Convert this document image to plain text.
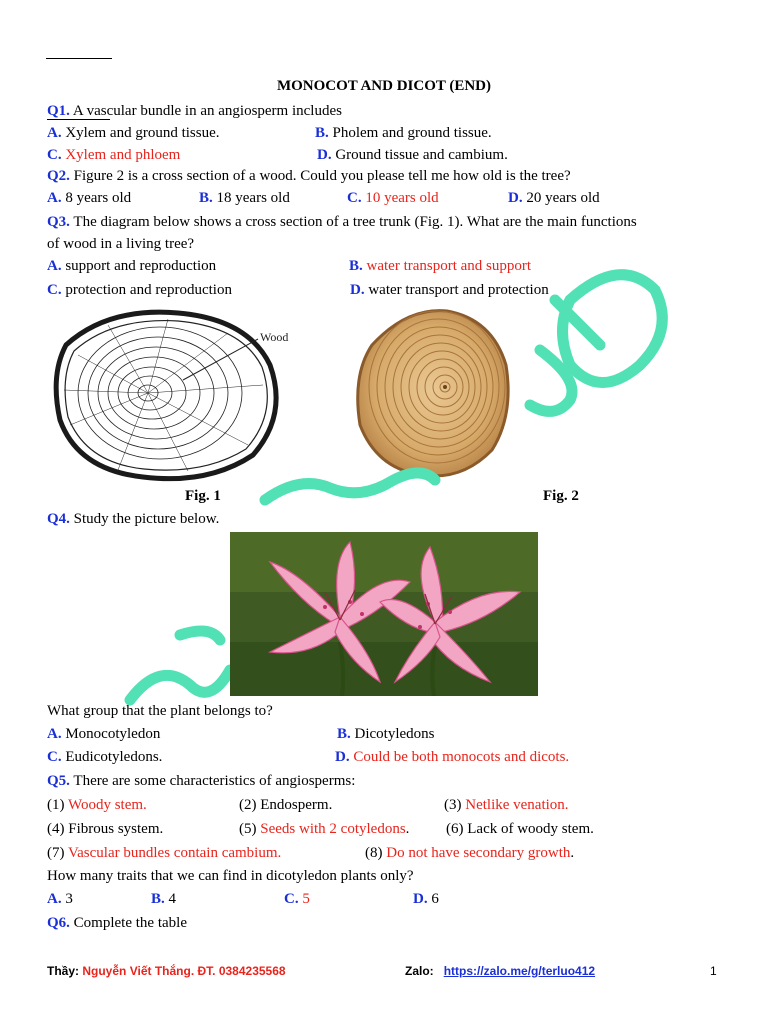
MONOCOT AND DICOT (END)
Q1. A vascular bundle in an angiosperm includes
A. Xylem and ground tissue.	B. Pholem and ground tissue.
C. Xylem and phloem	D. Ground tissue and cambium.
Q2. Figure 2 is a cross section of a wood. Could you please tell me how old is the tree?
A. 8 years old	B. 18 years old	C. 10 years old	D. 20 years old
Q3. The diagram below shows a cross section of a tree trunk (Fig. 1). What are the main functions
of wood in a living tree?
A. support and reproduction	B. water transport and support
C. protection and reproduction	D. water transport and protection
Wood
Fig. 1	Fig. 2
Q4. Study the picture below.
What group that the plant belongs to?
A. Monocotyledon	B. Dicotyledons
C. Eudicotyledons.	D. Could be both monocots and dicots.
Q5. There are some characteristics of angiosperms:
(1) Woody stem.	(2) Endosperm.	(3) Netlike venation.
(4) Fibrous system.	(5) Seeds with 2 cotyledons. (6) Lack of woody stem.
(7) Vascular bundles contain cambium.	(8) Do not have secondary growth.
How many traits that we can find in dicotyledon plants only?
A. 3	B. 4	C. 5	D. 6
Q6. Complete the table
Thầy: Nguyễn Viết Thắng. ĐT. 0384235568	Zalo: https://zalo.me/g/terluo412	1
